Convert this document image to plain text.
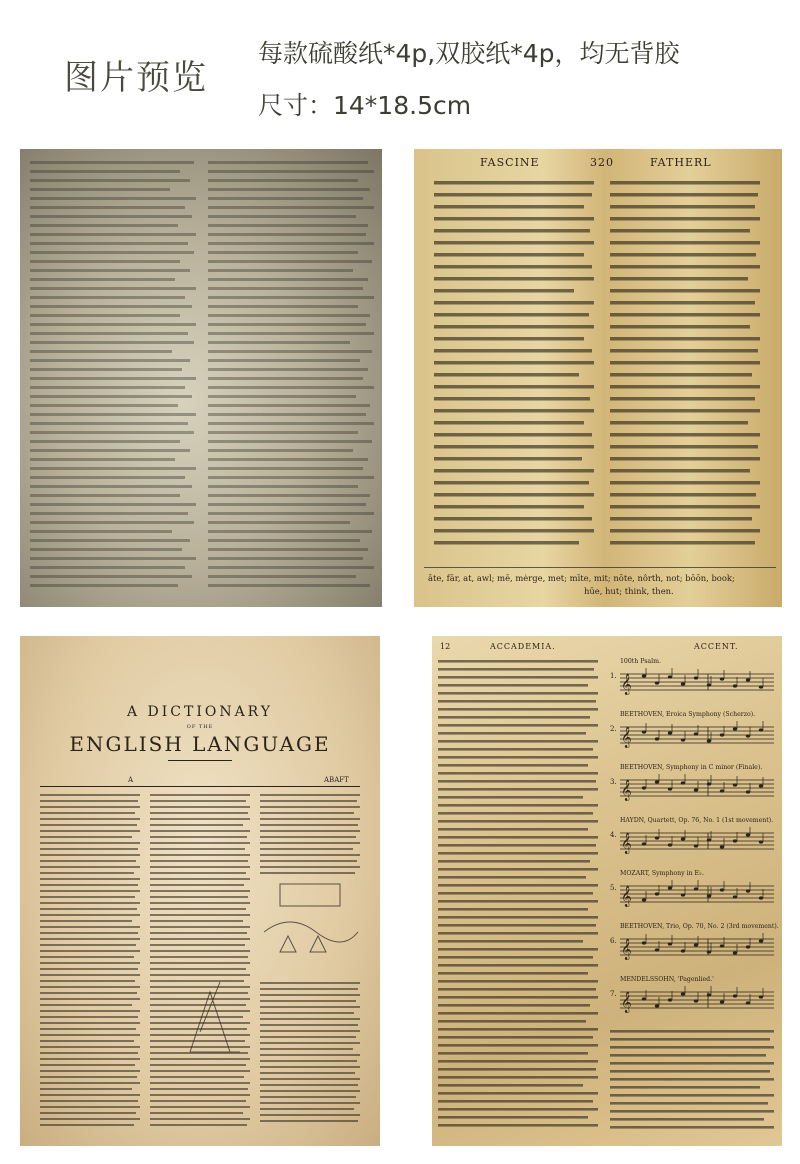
图片预览
每款硫酸纸*4p,双胶纸*4p，均无背胶
尺寸：14*18.5cm
FASCINE	320	FATHERL
āte, fār, at, awl; mē, mėrge, met; mīte, mit; nōte, nôrth, not; bōōn, book;
hūe, hut; think, then.
A DICTIONARY
OF THE
ENGLISH LANGUAGE
A	ABAFT
12	ACCADEMIA.	ACCENT.
1.
100th Psalm.
𝄞
2.
BEETHOVEN, Eroica Symphony (Scherzo).
𝄞
3.
BEETHOVEN, Symphony in C minor (Finale).
𝄞
4.
HAYDN, Quartett, Op. 76, No. 1 (1st movement).
𝄞
5.
MOZART, Symphony in E♭.
𝄞
6.
BEETHOVEN, Trio, Op. 70, No. 2 (3rd movement).
𝄞
7.
MENDELSSOHN, 'Pagenlied.'
𝄞
